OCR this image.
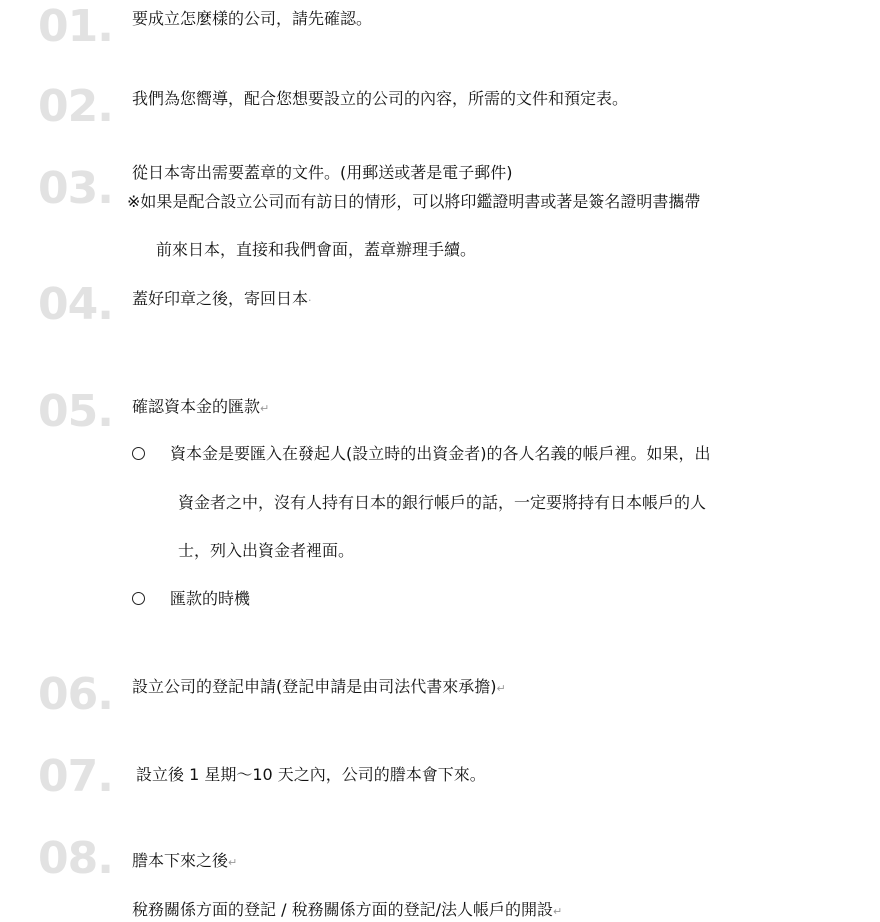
01. 要成立怎麼樣的公司，請先確認。
02. 我們為您嚮導，配合您想要設立的公司的內容，所需的文件和預定表。
03. 從日本寄出需要蓋章的文件。(用郵送或著是電子郵件)
※如果是配合設立公司而有訪日的情形，可以將印鑑證明書或著是簽名證明書攜帶
前來日本，直接和我們會面，蓋章辦理手續。
04. 蓋好印章之後，寄回日本·
05. 確認資本金的匯款↵
資本金是要匯入在發起人(設立時的出資金者)的各人名義的帳戶裡。如果，出
資金者之中，沒有人持有日本的銀行帳戶的話，一定要將持有日本帳戶的人
士，列入出資金者裡面。
匯款的時機
06. 設立公司的登記申請(登記申請是由司法代書來承擔)↵
07. 設立後 1 星期～10 天之內，公司的謄本會下來。
08. 謄本下來之後↵
稅務關係方面的登記 / 稅務關係方面的登記/法人帳戶的開設↵
